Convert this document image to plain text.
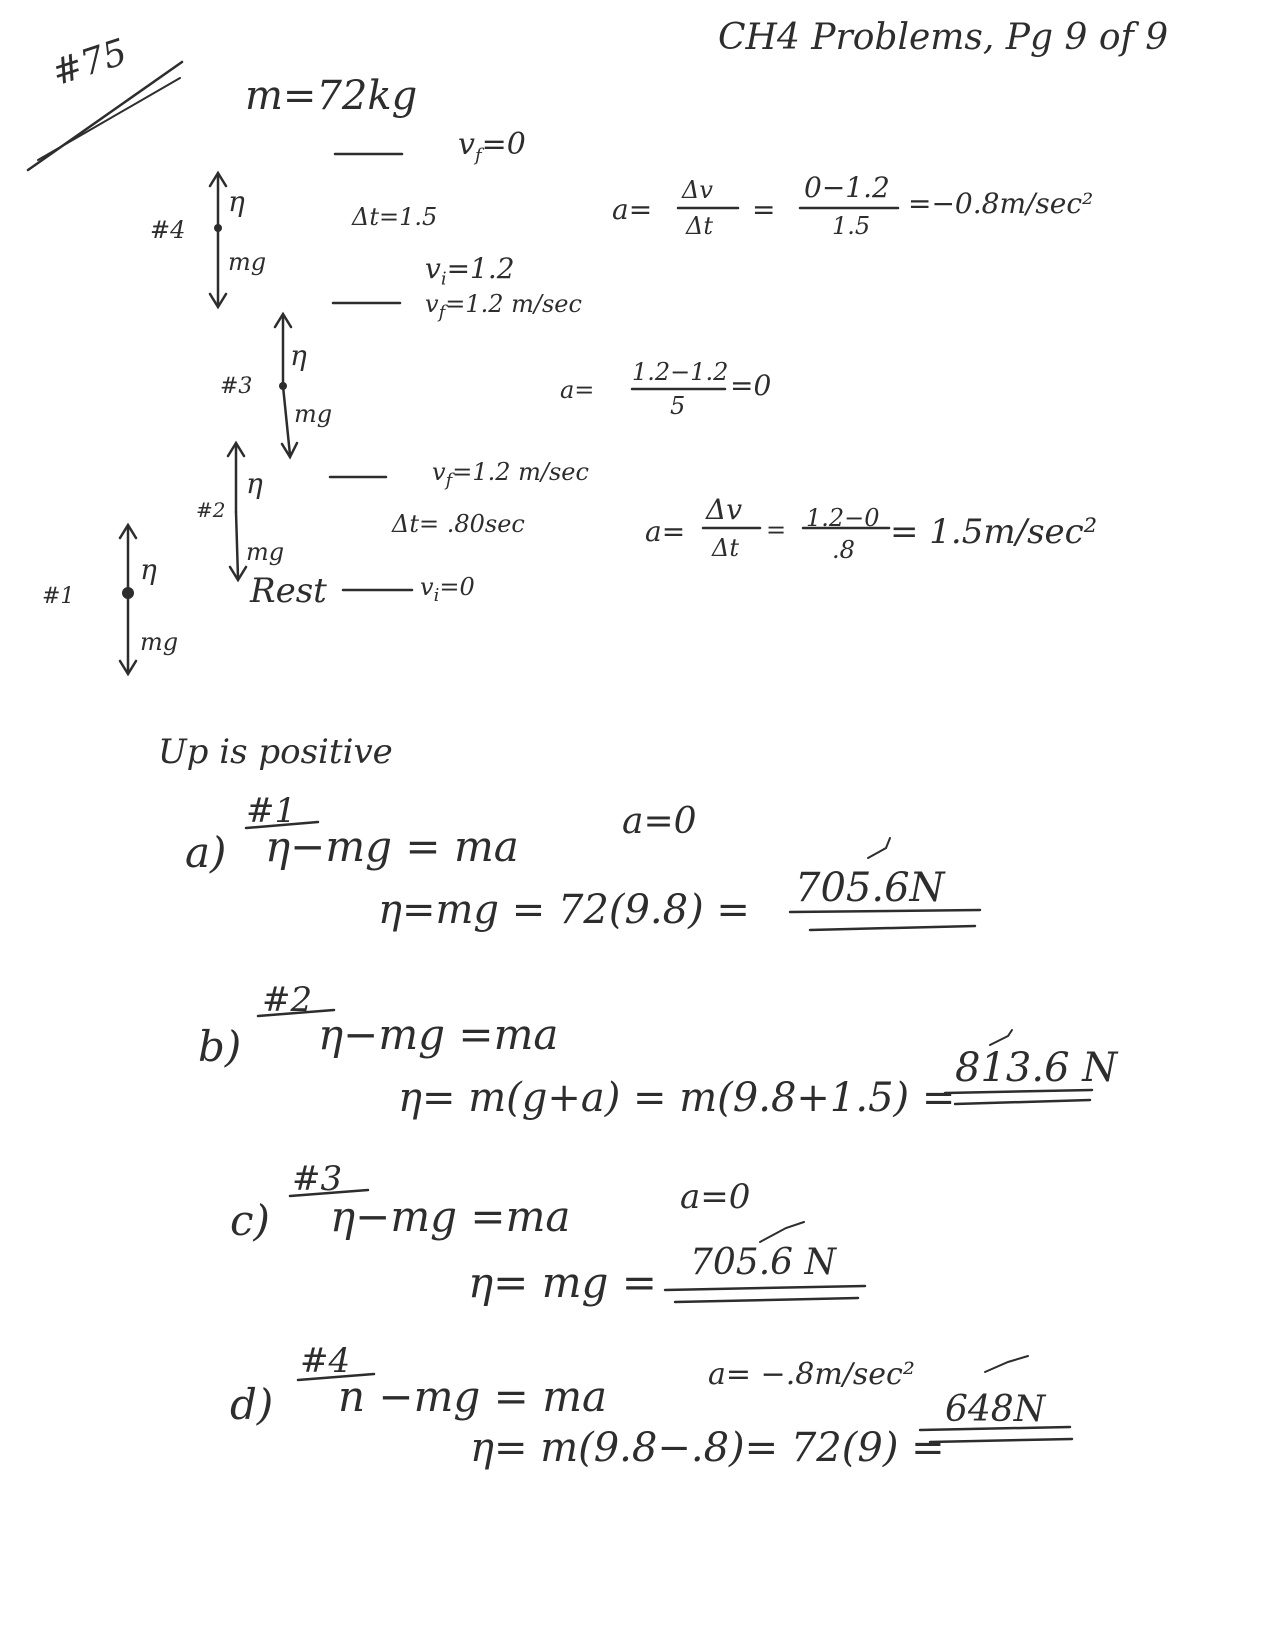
#75	CH4 Problems, Pg 9 of 9
m=72kg
η
#4
mg
η
#3
mg
η
#2
mg
η
#1
mg
$v_f=0$
Δt=1.5
$v_i=1.2$
$v_f=1.2$ m/sec
$v_f=1.2$ m/sec
Δt= .80sec
Rest	$v_i=0$
a=
Δv
Δt =
0−1.2
1.5
=−0.8m/sec²
a=
1.2−1.2
5
=0
a=
Δv
Δt
= 1.2−0
.8 = 1.5m/sec²
Up is positive
#1
a) η−mg = ma
a=0
η=mg = 72(9.8) = 705.6N
#2
b) η−mg =ma
η= m(g+a) = m(9.8+1.5) =
813.6 N
#3
c) η−mg =ma	a=0
η= mg = 705.6 N
#4
d) n −mg = ma	a= −.8m/sec²
η= m(9.8−.8)= 72(9) =
648N
